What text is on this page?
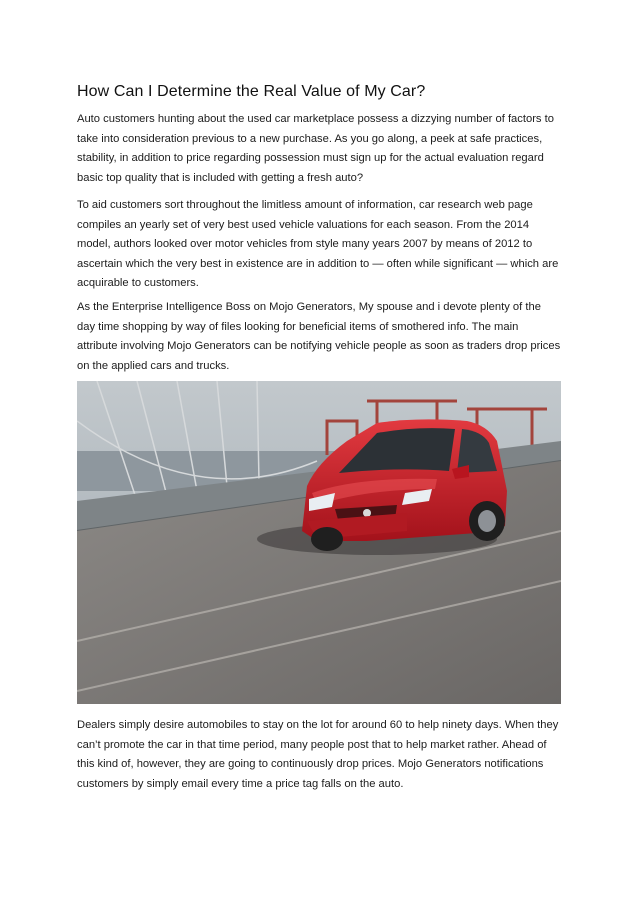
How Can I Determine the Real Value of My Car?

Auto customers hunting about the used car marketplace possess a dizzying number of factors to take into consideration previous to a new purchase. As you go along, a peek at safe practices, stability, in addition to price regarding possession must sign up for the actual evaluation regard basic top quality that is included with getting a fresh auto?

To aid customers sort throughout the limitless amount of information, car research web page compiles an yearly set of very best used vehicle valuations for each season. From the 2014 model, authors looked over motor vehicles from style many years 2007 by means of 2012 to ascertain which the very best in existence are in addition to — often while significant — which are acquirable to customers.

As the Enterprise Intelligence Boss on Mojo Generators, My spouse and i devote plenty of the day time shopping by way of files looking for beneficial items of smothered info. The main attribute involving Mojo Generators can be notifying vehicle people as soon as traders drop prices on the applied cars and trucks.

Dealers simply desire automobiles to stay on the lot for around 60 to help ninety days. When they can’t promote the car in that time period, many people post that to help market rather. Ahead of this kind of, however, they are going to continuously drop prices. Mojo Generators notifications customers by simply email every time a price tag falls on the auto.
